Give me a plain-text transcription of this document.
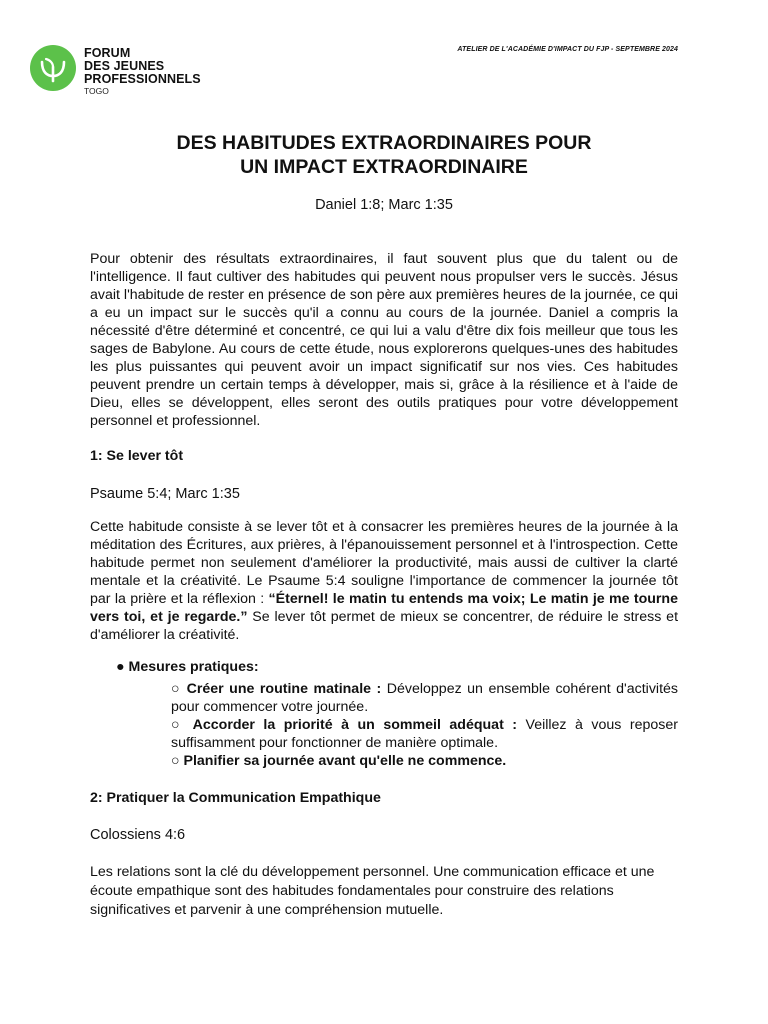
FORUM
DES JEUNES
PROFESSIONNELS
TOGO
ATELIER DE L'ACADÉMIE D'IMPACT DU FJP - SEPTEMBRE 2024
DES HABITUDES EXTRAORDINAIRES POUR
UN IMPACT EXTRAORDINAIRE
Daniel 1:8; Marc 1:35
Pour obtenir des résultats extraordinaires, il faut souvent plus que du talent ou de l'intelligence. Il faut cultiver des habitudes qui peuvent nous propulser vers le succès. Jésus avait l'habitude de rester en présence de son père aux premières heures de la journée, ce qui a eu un impact sur le succès qu'il a connu au cours de la journée. Daniel a compris la nécessité d'être déterminé et concentré, ce qui lui a valu d'être dix fois meilleur que tous les sages de Babylone. Au cours de cette étude, nous explorerons quelques-unes des habitudes les plus puissantes qui peuvent avoir un impact significatif sur nos vies. Ces habitudes peuvent prendre un certain temps à développer, mais si, grâce à la résilience et à l'aide de Dieu, elles se développent, elles seront des outils pratiques pour votre développement personnel et professionnel.
1: Se lever tôt
Psaume 5:4; Marc 1:35
Cette habitude consiste à se lever tôt et à consacrer les premières heures de la journée à la méditation des Écritures, aux prières, à l'épanouissement personnel et à l'introspection. Cette habitude permet non seulement d'améliorer la productivité, mais aussi de cultiver la clarté mentale et la créativité. Le Psaume 5:4 souligne l'importance de commencer la journée tôt par la prière et la réflexion : “Éternel! le matin tu entends ma voix; Le matin je me tourne vers toi, et je regarde.” Se lever tôt permet de mieux se concentrer, de réduire le stress et d'améliorer la créativité.
● Mesures pratiques:

○ Créer une routine matinale : Développez un ensemble cohérent d'activités pour commencer votre journée.

○ Accorder la priorité à un sommeil adéquat : Veillez à vous reposer suffisamment pour fonctionner de manière optimale.

○ Planifier sa journée avant qu'elle ne commence.

2: Pratiquer la Communication Empathique
Colossiens 4:6
Les relations sont la clé du développement personnel. Une communication efficace et une écoute empathique sont des habitudes fondamentales pour construire des relations significatives et parvenir à une compréhension mutuelle.
